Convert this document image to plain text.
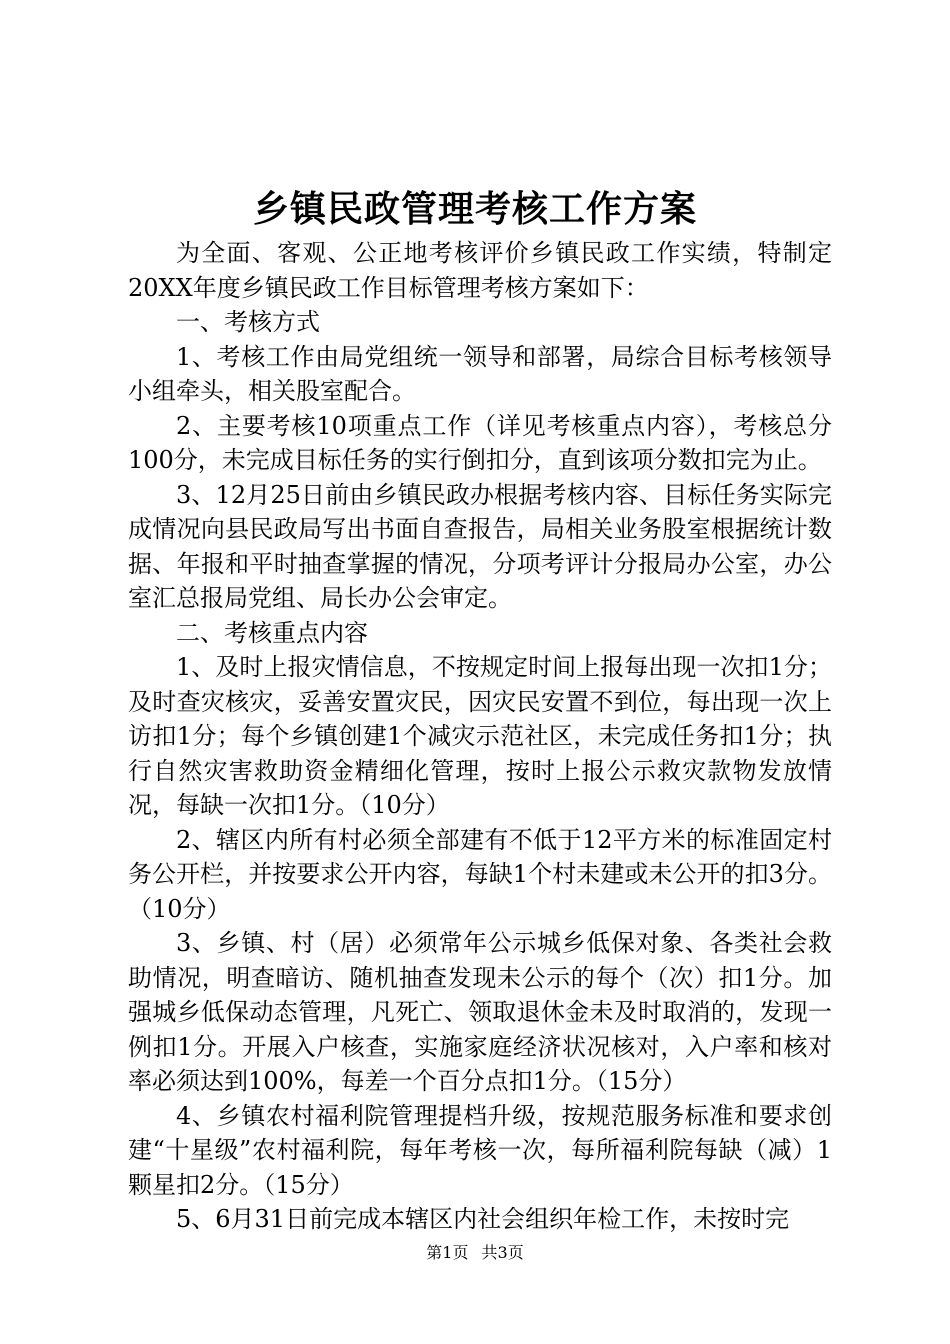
乡镇民政管理考核工作方案

为全面、客观、公正地考核评价乡镇民政工作实绩，特制定20XX年度乡镇民政工作目标管理考核方案如下：

一、考核方式

1、考核工作由局党组统一领导和部署，局综合目标考核领导小组牵头，相关股室配合。

2、主要考核10项重点工作（详见考核重点内容），考核总分100分，未完成目标任务的实行倒扣分，直到该项分数扣完为止。

3、12月25日前由乡镇民政办根据考核内容、目标任务实际完成情况向县民政局写出书面自查报告，局相关业务股室根据统计数据、年报和平时抽查掌握的情况，分项考评计分报局办公室，办公室汇总报局党组、局长办公会审定。

二、考核重点内容

1、及时上报灾情信息，不按规定时间上报每出现一次扣1分；及时查灾核灾，妥善安置灾民，因灾民安置不到位，每出现一次上访扣1分；每个乡镇创建1个减灾示范社区，未完成任务扣1分；执行自然灾害救助资金精细化管理，按时上报公示救灾款物发放情况，每缺一次扣1分。（10分）

2、辖区内所有村必须全部建有不低于12平方米的标准固定村务公开栏，并按要求公开内容，每缺1个村未建或未公开的扣3分。（10分）

3、乡镇、村（居）必须常年公示城乡低保对象、各类社会救助情况，明查暗访、随机抽查发现未公示的每个（次）扣1分。加强城乡低保动态管理，凡死亡、领取退休金未及时取消的，发现一例扣1分。开展入户核查，实施家庭经济状况核对，入户率和核对率必须达到100%，每差一个百分点扣1分。（15分）

4、乡镇农村福利院管理提档升级，按规范服务标准和要求创建“十星级”农村福利院，每年考核一次，每所福利院每缺（减）1颗星扣2分。（15分）

5、6月31日前完成本辖区内社会组织年检工作，未按时完

第1页 共3页
